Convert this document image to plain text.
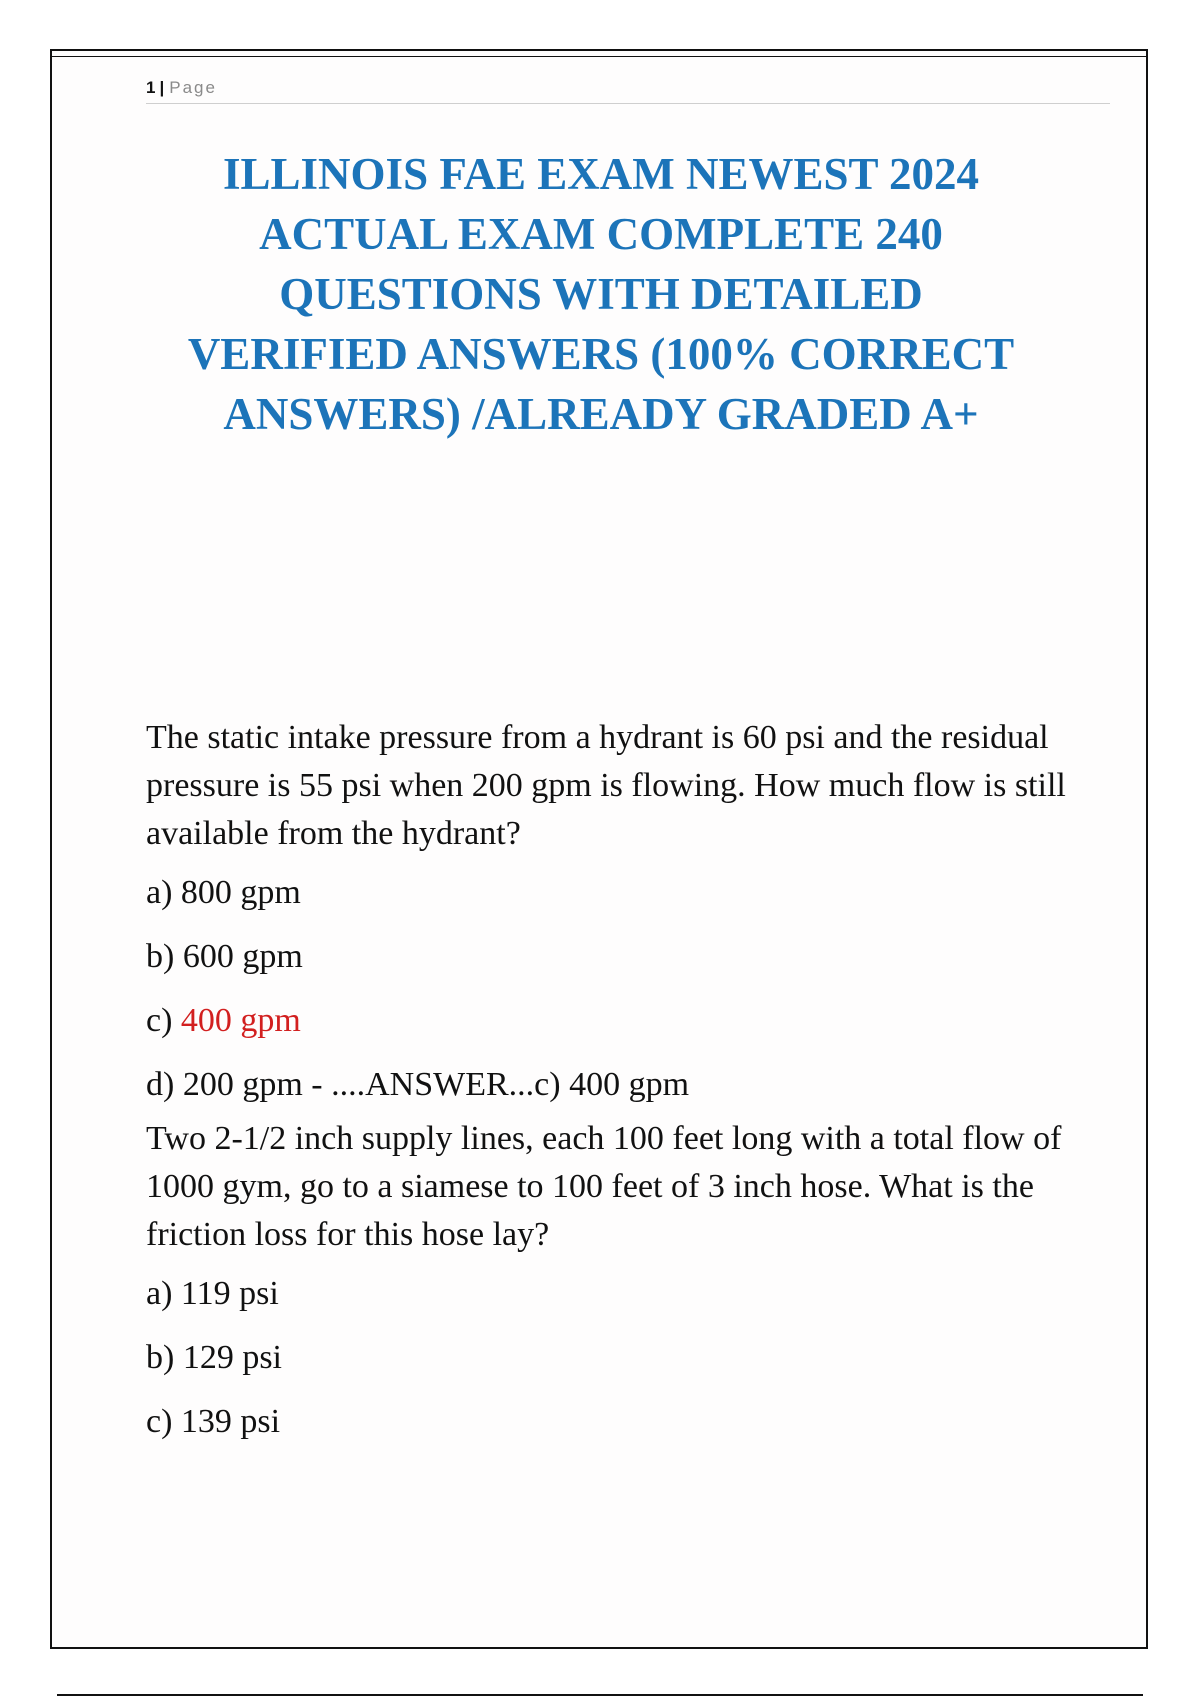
1 | Page
ILLINOIS FAE EXAM NEWEST 2024
ACTUAL EXAM COMPLETE 240
QUESTIONS WITH DETAILED
VERIFIED ANSWERS (100% CORRECT
ANSWERS) /ALREADY GRADED A+

The static intake pressure from a hydrant is 60 psi and the residual pressure is 55 psi when 200 gpm is flowing. How much flow is still available from the hydrant?

a) 800 gpm

b) 600 gpm

c) 400 gpm

d) 200 gpm - ....ANSWER...c) 400 gpm

Two 2-1/2 inch supply lines, each 100 feet long with a total flow of 1000 gym, go to a siamese to 100 feet of 3 inch hose. What is the friction loss for this hose lay?

a) 119 psi

b) 129 psi

c) 139 psi
